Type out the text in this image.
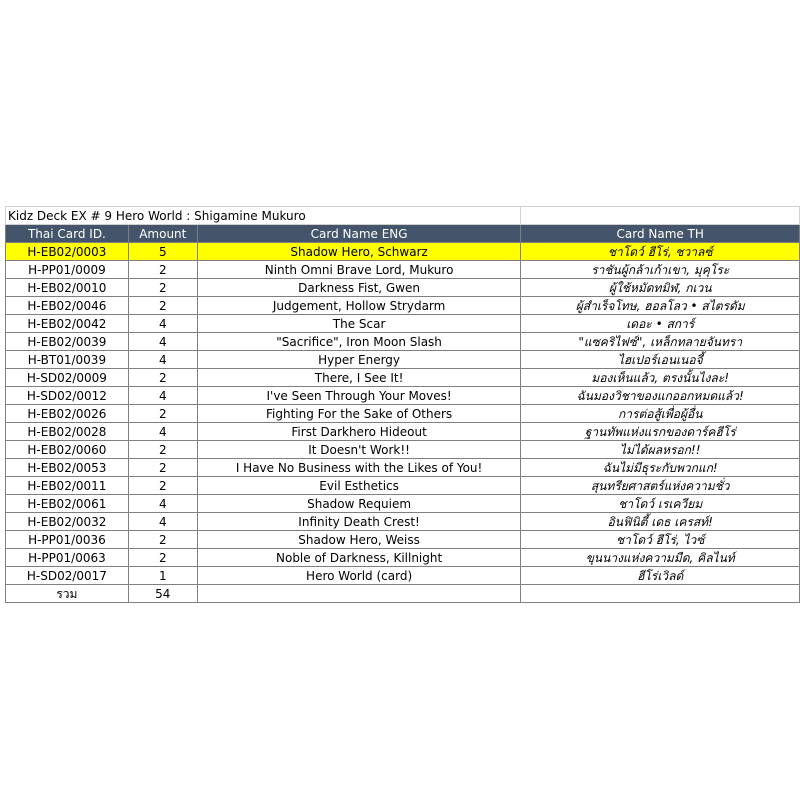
Kidz Deck EX # 9 Hero World : Shigamine Mukuro			
Thai Card ID.	Amount	Card Name ENG	Card Name TH
H-EB02/0003	5	Shadow Hero, Schwarz	ชาโดว์ ฮีโร่, ชวาลซ์
H-PP01/0009	2	Ninth Omni Brave Lord, Mukuro	ราชันผู้กล้าเก้าเขา, มุคุโระ
H-EB02/0010	2	Darkness Fist, Gwen	ผู้ใช้หมัดทมิฬ, กเวน
H-EB02/0046	2	Judgement, Hollow Strydarm	ผู้สำเร็จโทษ, ฮอลโลว • สไตรดัม
H-EB02/0042	4	The Scar	เดอะ • สการ์
H-EB02/0039	4	"Sacrifice", Iron Moon Slash	"แซคริไฟซ์", เหล็กทลายจันทรา
H-BT01/0039	4	Hyper Energy	ไฮเปอร์เอนเนอจี้
H-SD02/0009	2	There, I See It!	มองเห็นแล้ว, ตรงนั้นไงละ!
H-SD02/0012	4	I've Seen Through Your Moves!	ฉันมองวิชาของแกออกหมดแล้ว!
H-EB02/0026	2	Fighting For the Sake of Others	การต่อสู้เพื่อผู้อื่น
H-EB02/0028	4	First Darkhero Hideout	ฐานทัพแห่งแรกของดาร์คฮีโร่
H-EB02/0060	2	It Doesn't Work!!	ไม่ได้ผลหรอก!!
H-EB02/0053	2	I Have No Business with the Likes of You!	ฉันไม่มีธุระกับพวกแก!
H-EB02/0011	2	Evil Esthetics	สุนทรียศาสตร์แห่งความชั่ว
H-EB02/0061	4	Shadow Requiem	ชาโดว์ เรเควียม
H-EB02/0032	4	Infinity Death Crest!	อินฟินิตี้ เดธ เครสท์!
H-PP01/0036	2	Shadow Hero, Weiss	ชาโดว์ ฮีโร่, ไวซ์
H-PP01/0063	2	Noble of Darkness, Killnight	ขุนนางแห่งความมืด, คิลไนท์
H-SD02/0017	1	Hero World (card)	ฮีโร่เวิลด์
รวม	54		
